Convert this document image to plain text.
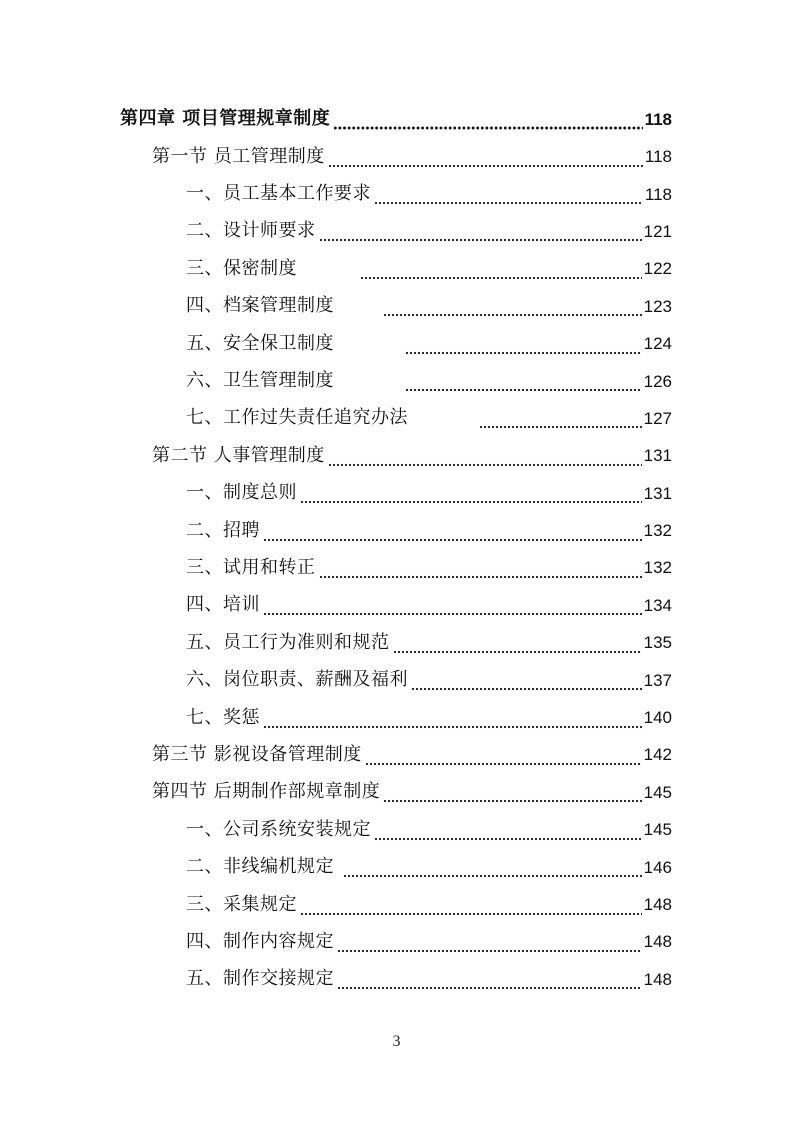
第四章 项目管理规章制度	118
第一节 员工管理制度	118
一、员工基本工作要求	118
二、设计师要求	121
三、保密制度	122
四、档案管理制度	123
五、安全保卫制度	124
六、卫生管理制度	126
七、工作过失责任追究办法	127
第二节 人事管理制度	131
一、制度总则	131
二、招聘	132
三、试用和转正	132
四、培训	134
五、员工行为准则和规范	135
六、岗位职责、薪酬及福利	137
七、奖惩	140
第三节 影视设备管理制度	142
第四节 后期制作部规章制度	145
一、公司系统安装规定	145
二、非线编机规定	146
三、采集规定	148
四、制作内容规定	148
五、制作交接规定	148
3
